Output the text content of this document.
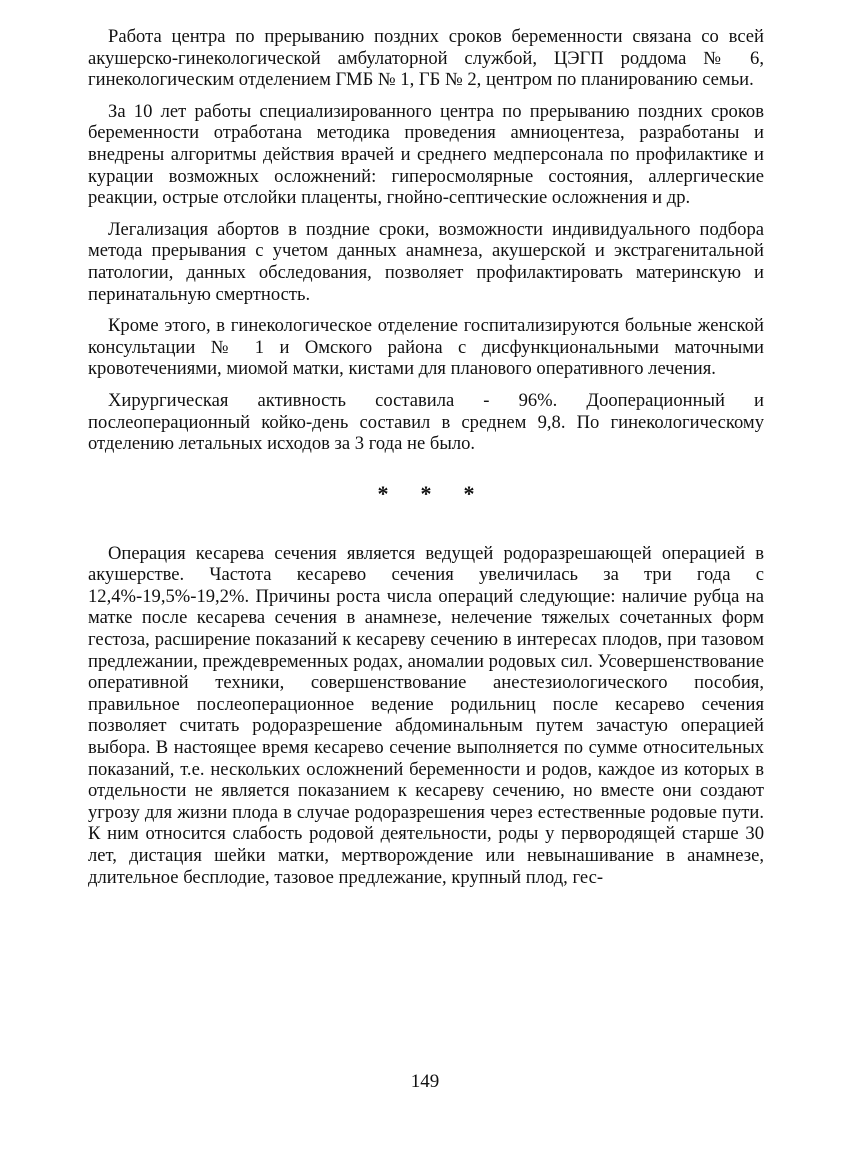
Работа центра по прерыванию поздних сроков беременности связана со всей акушерско-гинекологической амбулаторной службой, ЦЭГП роддома № 6, гинекологическим отделением ГМБ № 1, ГБ № 2, центром по планированию семьи.

За 10 лет работы специализированного центра по прерыванию поздних сроков беременности отработана методика проведения амниоцентеза, разработаны и внедрены алгоритмы действия врачей и среднего медперсонала по профилактике и курации возможных осложнений: гиперосмолярные состояния, аллергические реакции, острые отслойки плаценты, гнойно-септические осложнения и др.

Легализация абортов в поздние сроки, возможности индивидуального подбора метода прерывания с учетом данных анамнеза, акушерской и экстрагенитальной патологии, данных обследования, позволяет профилактировать материнскую и перинатальную смертность.

Кроме этого, в гинекологическое отделение госпитализируются больные женской консультации № 1 и Омского района с дисфункциональными маточными кровотечениями, миомой матки, кистами для планового оперативного лечения.

Хирургическая активность составила - 96%. Дооперационный и послеоперационный койко-день составил в среднем 9,8. По гинекологическому отделению летальных исходов за 3 года не было.

* * *

Операция кесарева сечения является ведущей родоразрешающей операцией в акушерстве. Частота кесарево сечения увеличилась за три года с 12,4%-19,5%-19,2%. Причины роста числа операций следующие: наличие рубца на матке после кесарева сечения в анамнезе, нелечение тяжелых сочетанных форм гестоза, расширение показаний к кесареву сечению в интересах плодов, при тазовом предлежании, преждевременных родах, аномалии родовых сил. Усовершенствование оперативной техники, совершенствование анестезиологического пособия, правильное послеоперационное ведение родильниц после кесарево сечения позволяет считать родоразрешение абдоминальным путем зачастую операцией выбора. В настоящее время кесарево сечение выполняется по сумме относительных показаний, т.е. нескольких осложнений беременности и родов, каждое из которых в отдельности не является показанием к кесареву сечению, но вместе они создают угрозу для жизни плода в случае родоразрешения через естественные родовые пути. К ним относится слабость родовой деятельности, роды у первородящей старше 30 лет, дистация шейки матки, мертворождение или невынашивание в анамнезе, длительное бесплодие, тазовое предлежание, крупный плод, гес-

149
